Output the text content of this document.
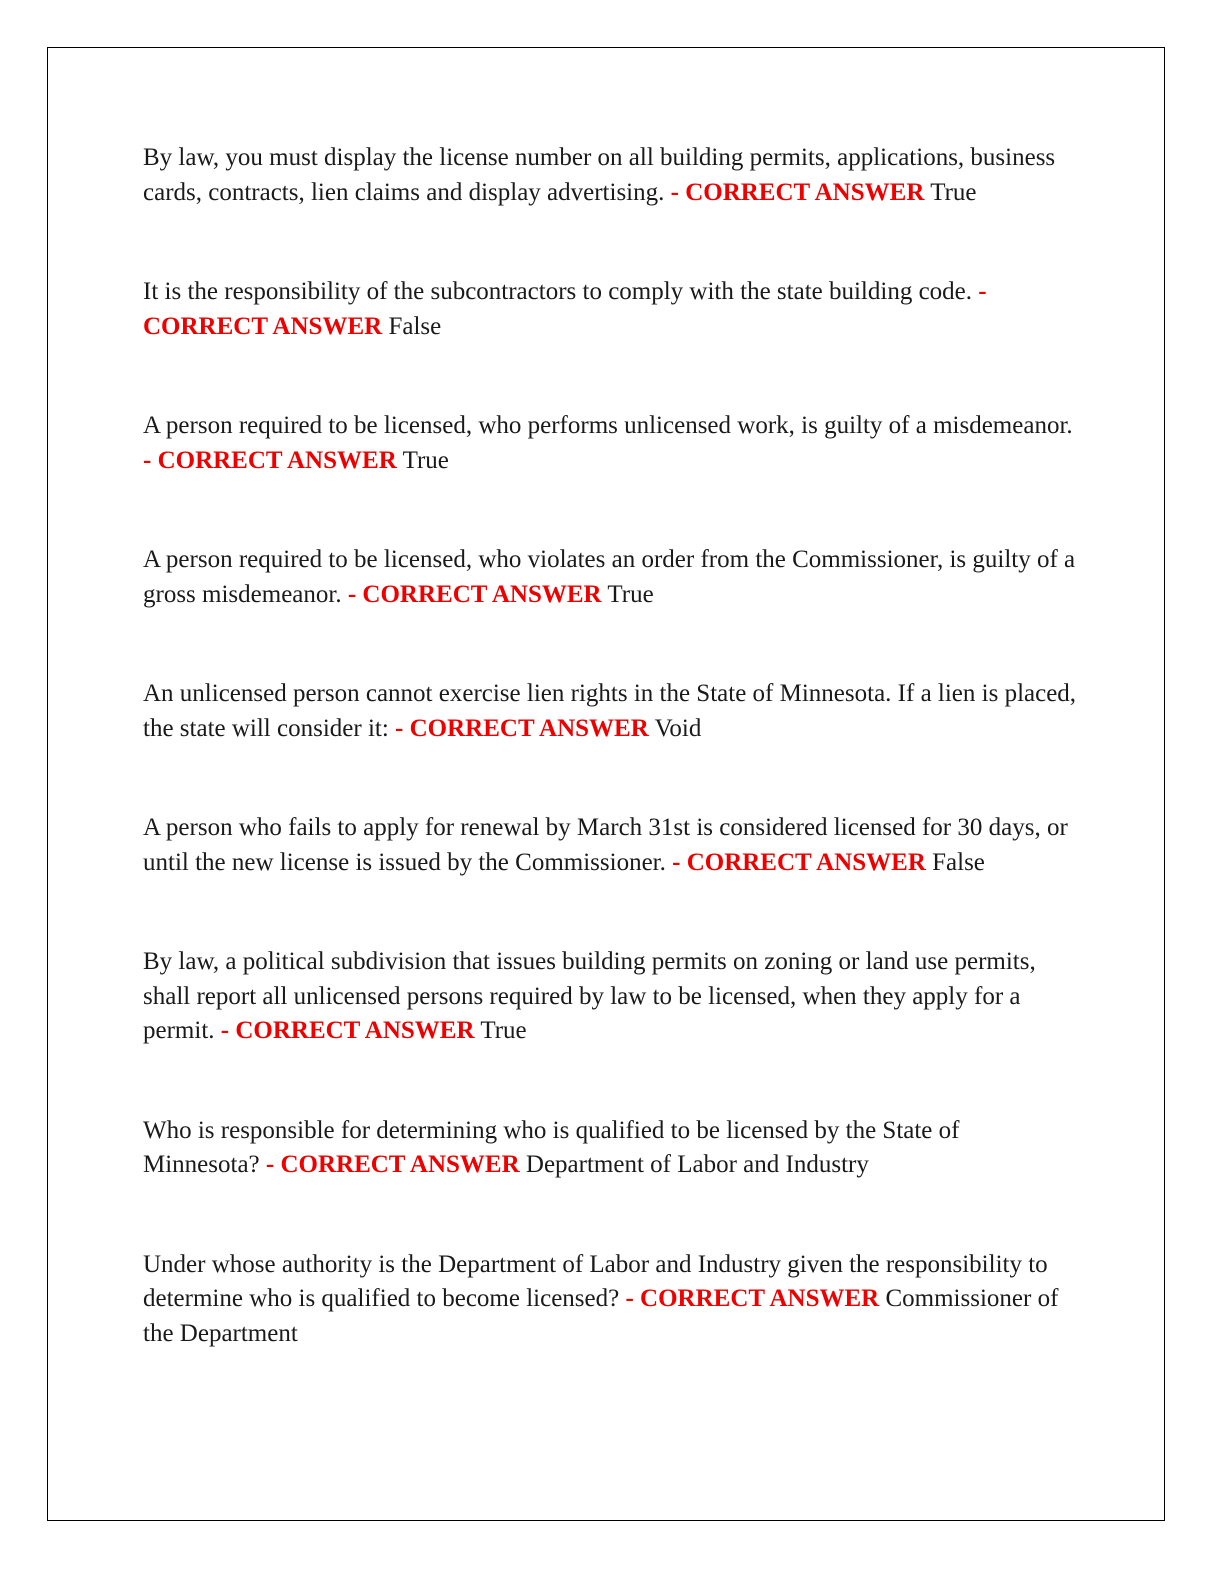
By law, you must display the license number on all building permits, applications, business cards, contracts, lien claims and display advertising. - CORRECT ANSWER True
It is the responsibility of the subcontractors to comply with the state building code. - CORRECT ANSWER False
A person required to be licensed, who performs unlicensed work, is guilty of a misdemeanor. - CORRECT ANSWER True
A person required to be licensed, who violates an order from the Commissioner, is guilty of a gross misdemeanor. - CORRECT ANSWER True
An unlicensed person cannot exercise lien rights in the State of Minnesota. If a lien is placed, the state will consider it: - CORRECT ANSWER Void
A person who fails to apply for renewal by March 31st is considered licensed for 30 days, or until the new license is issued by the Commissioner. - CORRECT ANSWER False
By law, a political subdivision that issues building permits on zoning or land use permits, shall report all unlicensed persons required by law to be licensed, when they apply for a permit. - CORRECT ANSWER True
Who is responsible for determining who is qualified to be licensed by the State of Minnesota? - CORRECT ANSWER Department of Labor and Industry
Under whose authority is the Department of Labor and Industry given the responsibility to determine who is qualified to become licensed? - CORRECT ANSWER Commissioner of the Department
